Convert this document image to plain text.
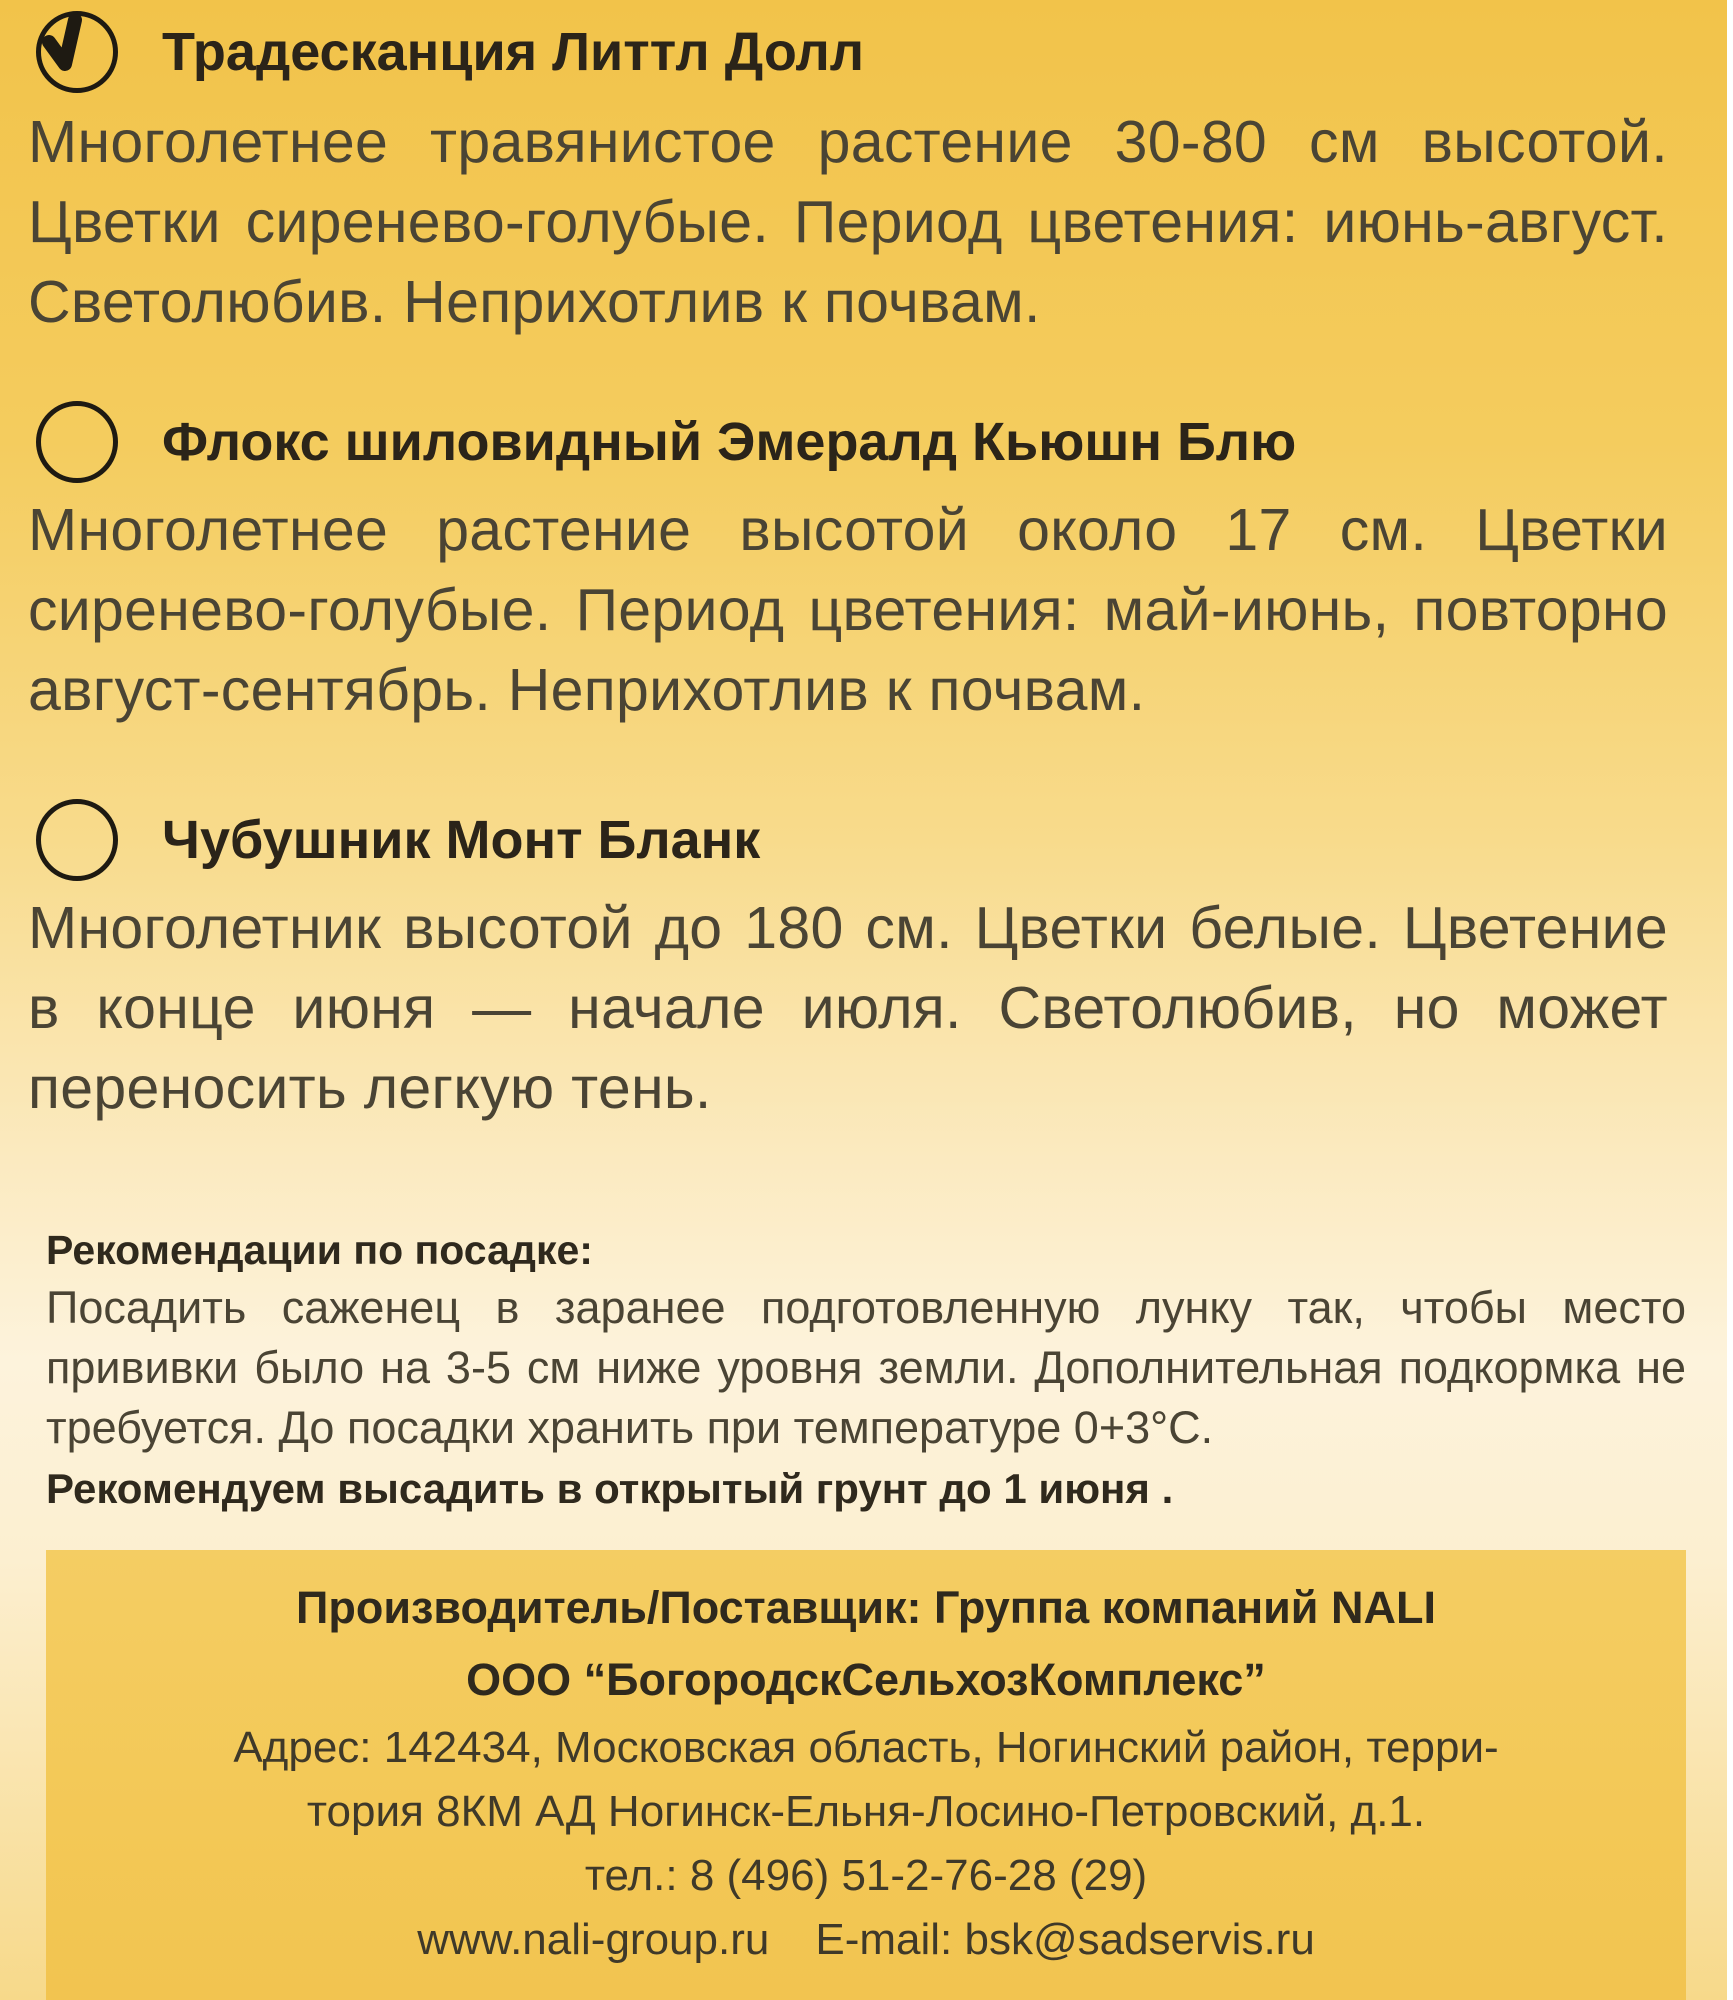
Традесканция Литтл Долл
Многолетнее травянистое растение 30-80 см высотой. Цветки сиренево-голубые. Период цветения: июнь-август. Светолюбив. Неприхотлив к почвам.
Флокс шиловидный Эмералд Кьюшн Блю
Многолетнее растение высотой около 17 см. Цветки сиренево-голубые. Период цветения: май-июнь, повторно август-сентябрь. Неприхотлив к почвам.
Чубушник Монт Бланк
Многолетник высотой до 180 см. Цветки белые. Цветение в конце июня — начале июля. Светолюбив, но может переносить легкую тень.
Рекомендации по посадке:
Посадить саженец в заранее подготовленную лунку так, чтобы место прививки было на 3-5 см ниже уровня земли. Дополнительная подкормка не требуется. До посадки хранить при температуре 0+3°С.
Рекомендуем высадить в открытый грунт до 1 июня .
Производитель/Поставщик: Группа компаний NALI
ООО “БогородскСельхозКомплекс”
Адрес: 142434, Московская область, Ногинский район, терри-
тория 8КМ АД Ногинск-Ельня-Лосино-Петровский, д.1.
тел.: 8 (496) 51-2-76-28 (29)
www.nali-group.ru E-mail: bsk@sadservis.ru
